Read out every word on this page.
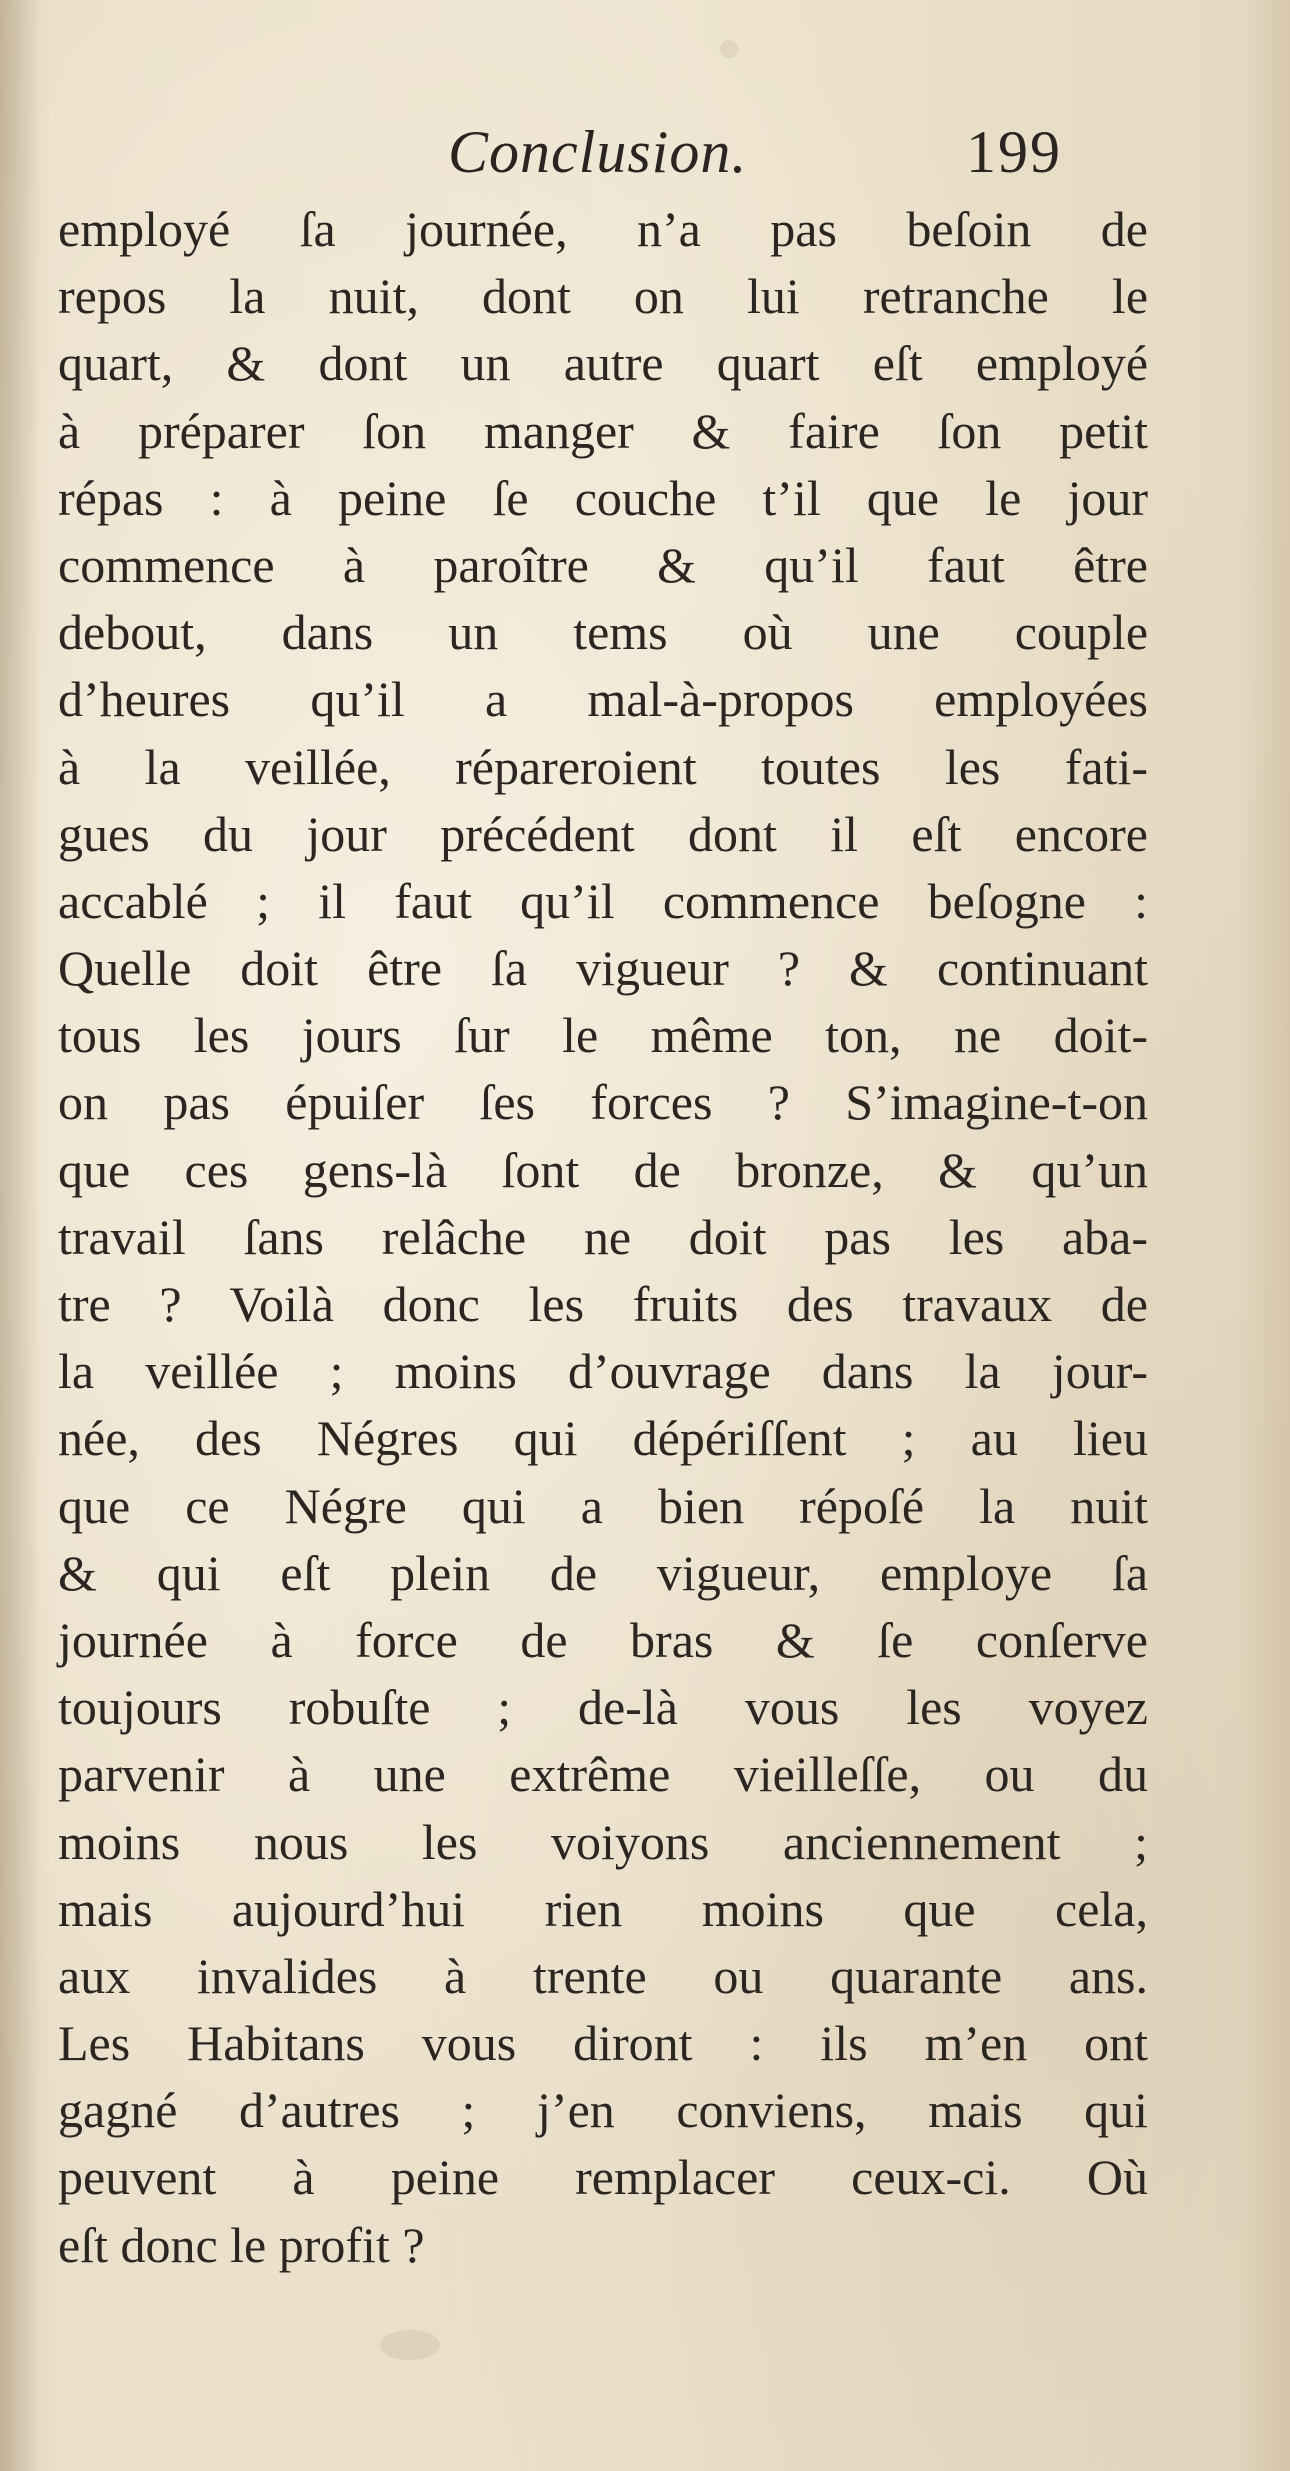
Conclusion.	199
employé ſa journée, n’a pas beſoin de
repos la nuit, dont on lui retranche le
quart, & dont un autre quart eſt employé
à préparer ſon manger & faire ſon petit
répas : à peine ſe couche t’il que le jour
commence à paroître & qu’il faut être
debout, dans un tems où une couple
d’heures qu’il a mal-à-propos employées
à la veillée, répareroient toutes les fati-
gues du jour précédent dont il eſt encore
accablé ; il faut qu’il commence beſogne :
Quelle doit être ſa vigueur ? & continuant
tous les jours ſur le même ton, ne doit-
on pas épuiſer ſes forces ? S’imagine-t-on
que ces gens-là ſont de bronze, & qu’un
travail ſans relâche ne doit pas les aba-
tre ? Voilà donc les fruits des travaux de
la veillée ; moins d’ouvrage dans la jour-
née, des Négres qui dépériſſent ; au lieu
que ce Négre qui a bien répoſé la nuit
& qui eſt plein de vigueur, employe ſa
journée à force de bras & ſe conſerve
toujours robuſte ; de-là vous les voyez
parvenir à une extrême vieilleſſe, ou du
moins nous les voiyons anciennement ;
mais aujourd’hui rien moins que cela,
aux invalides à trente ou quarante ans.
Les Habitans vous diront : ils m’en ont
gagné d’autres ; j’en conviens, mais qui
peuvent à peine remplacer ceux-ci. Où
eſt donc le profit ?
